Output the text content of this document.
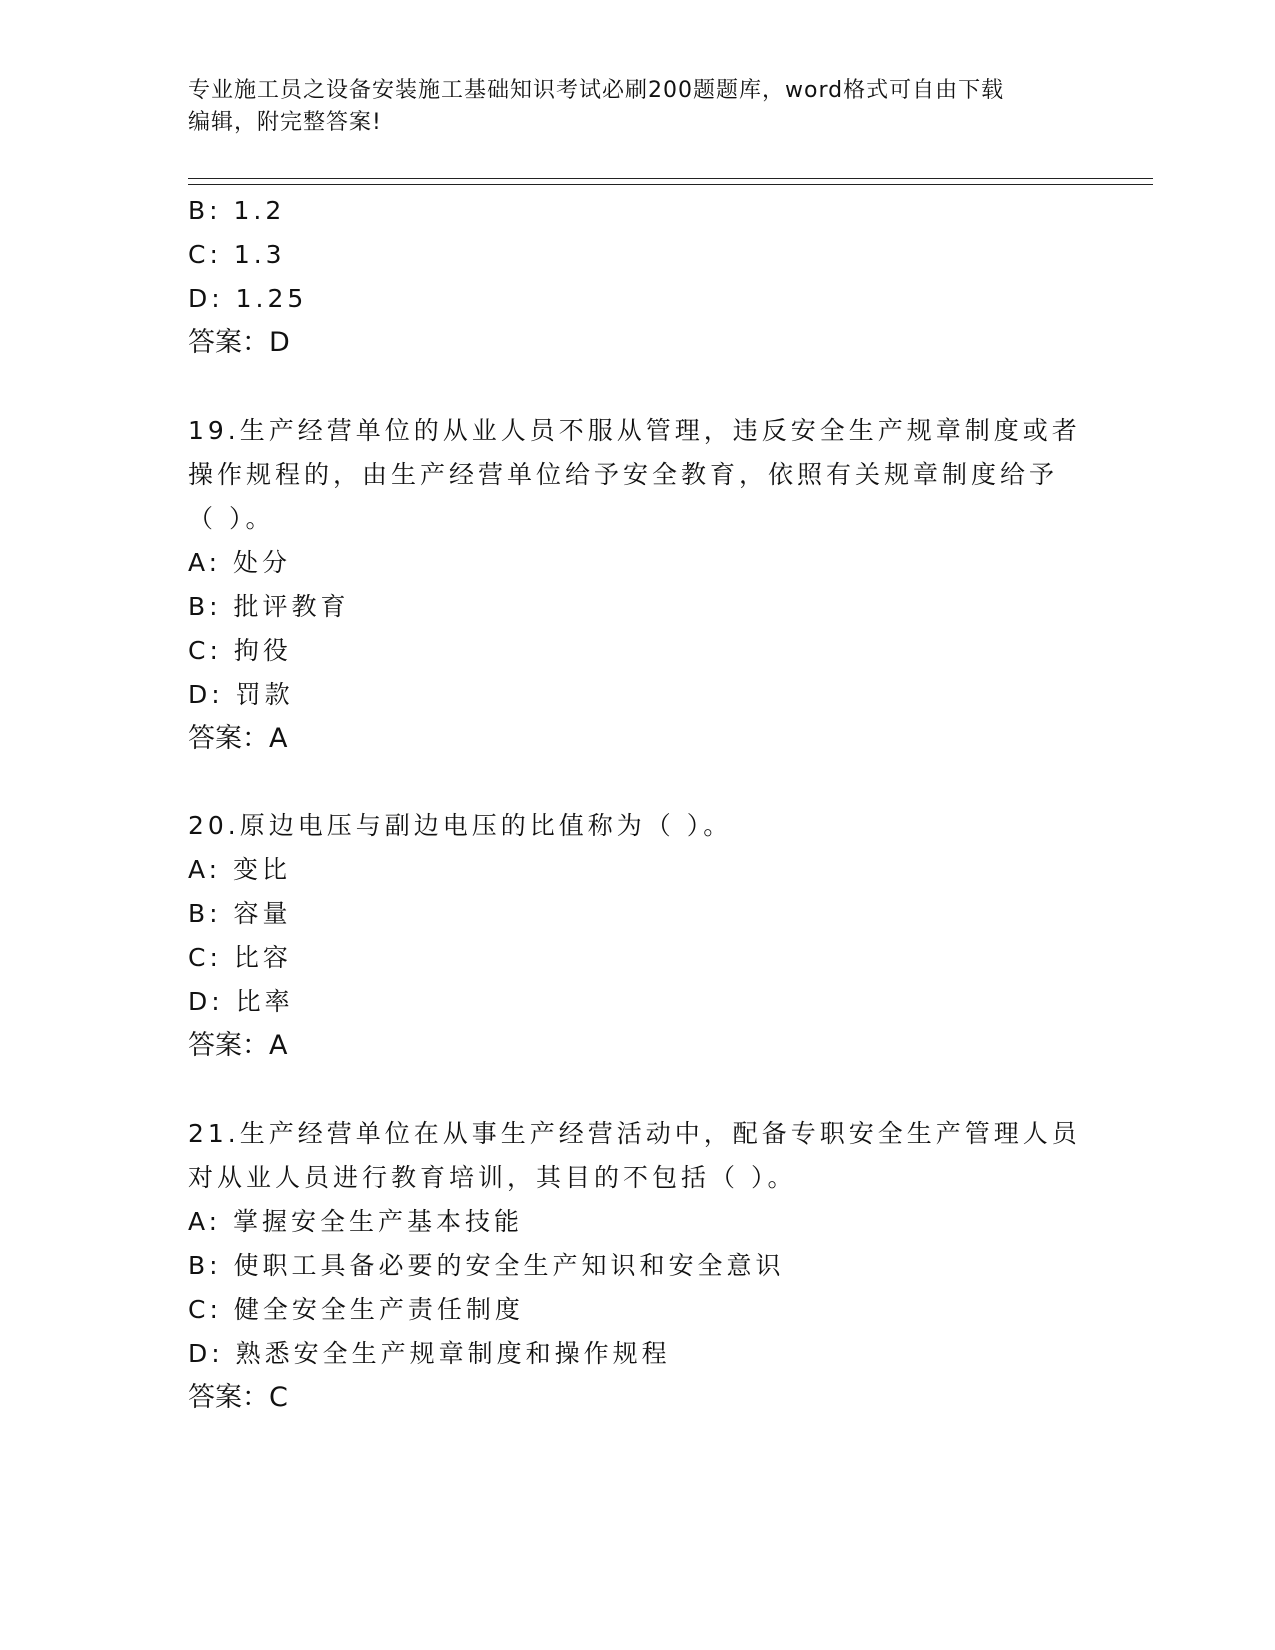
专业施工员之设备安装施工基础知识考试必刷200题题库，word格式可自由下载
编辑，附完整答案!
B: 1.2
C: 1.3
D: 1.25
答案：D
19.生产经营单位的从业人员不服从管理，违反安全生产规章制度或者
操作规程的，由生产经营单位给予安全教育，依照有关规章制度给予
（ ）。
A: 处分
B: 批评教育
C: 拘役
D: 罚款
答案：A
20.原边电压与副边电压的比值称为（ ）。
A: 变比
B: 容量
C: 比容
D: 比率
答案：A
21.生产经营单位在从事生产经营活动中，配备专职安全生产管理人员
对从业人员进行教育培训，其目的不包括（ ）。
A: 掌握安全生产基本技能
B: 使职工具备必要的安全生产知识和安全意识
C: 健全安全生产责任制度
D: 熟悉安全生产规章制度和操作规程
答案：C
